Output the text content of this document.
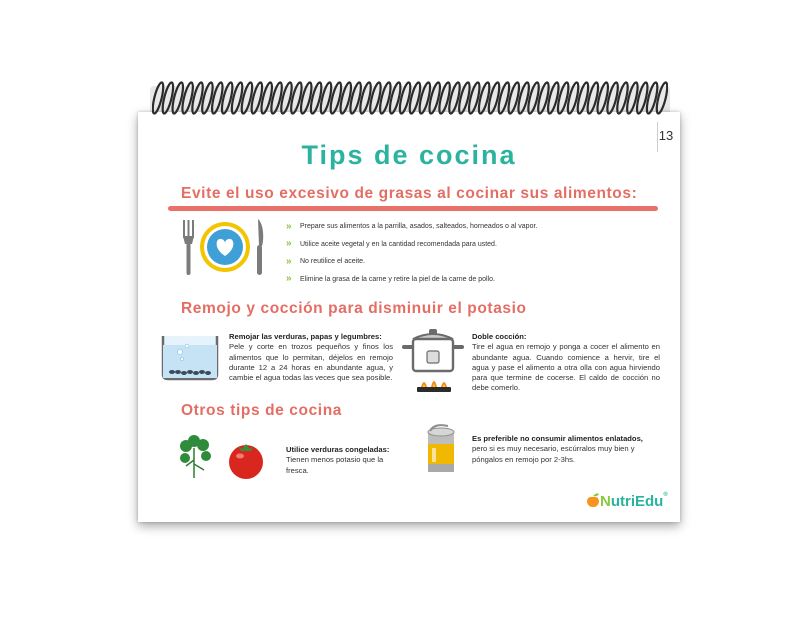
13
Tips de cocina
Evite el uso excesivo de grasas al cocinar sus alimentos:
»	Prepare sus alimentos a la parrilla, asados, salteados, horneados o al vapor.
»	Utilice aceite vegetal y en la cantidad recomendada para usted.
»	No reutilice el aceite.
»	Elimine la grasa de la carne y retire la piel de la carne de pollo.
Remojo y cocción para disminuir el potasio
Remojar las verduras, papas y legumbres:
Pele y corte en trozos pequeños y finos los alimentos que lo permitan, déjelos en remojo durante 12 a 24 horas en abundante agua, y cambie el agua todas las veces que sea posible.
Doble cocción:
Tire el agua en remojo y ponga a cocer el alimento en abundante agua. Cuando comience a hervir, tire el agua y pase el alimento a otra olla con agua hirviendo para que termine de cocerse. El caldo de cocción no debe comerlo.
Otros tips de cocina
Utilice verduras congeladas: Tienen menos potasio que la fresca.
Es preferible no consumir alimentos enlatados, pero si es muy necesario, escúrralos muy bien y póngalos en remojo por 2-3hs.
NutriEdu®
